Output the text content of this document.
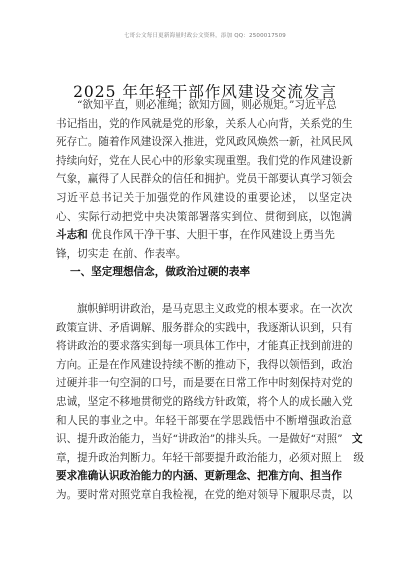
七哥公文每日更新海量时政公文资料，添加 QQ：2500017509
2025 年年轻干部作风建设交流发言
“欲知平直，则必准绳；欲知方圆，则必规矩。”习近平总
书记指出，党的作风就是党的形象，关系人心向背，关系党的生
死存亡。随着作风建设深入推进，党风政风焕然一新，社风民风
持续向好，党在人民心中的形象实现重塑。我们党的作风建设新
气象，赢得了人民群众的信任和拥护。党员干部要认真学习领会
习近平总书记关于加强党的作风建设的重要论述， 以坚定决
心、实际行动把党中央决策部署落实到位、贯彻到底，以饱满
斗志和 优良作风干净干事、大胆干事，在作风建设上勇当先
锋，切实走 在前、作表率。
一、坚定理想信念，做政治过硬的表率
旗帜鲜明讲政治，是马克思主义政党的根本要求。在一次次
政策宣讲、矛盾调解、服务群众的实践中，我逐渐认识到，只有
将讲政治的要求落实到每一项具体工作中，才能真正找到前进的
方向。正是在作风建设持续不断的推动下，我得以领悟到，政治
过硬并非一句空洞的口号，而是要在日常工作中时刻保持对党的
忠诚，坚定不移地贯彻党的路线方针政策，将个人的成长融入党
和人民的事业之中。年轻干部要在学思践悟中不断增强政治意
识、提升政治能力，当好“讲政治”的排头兵。一是做好“对照” 文
章，提升政治判断力。年轻干部要提升政治能力，必须对照上 级
要求准确认识政治能力的内涵、更新理念、把准方向、担当作
为。要时常对照党章自我检视，在党的绝对领导下履职尽责，以
